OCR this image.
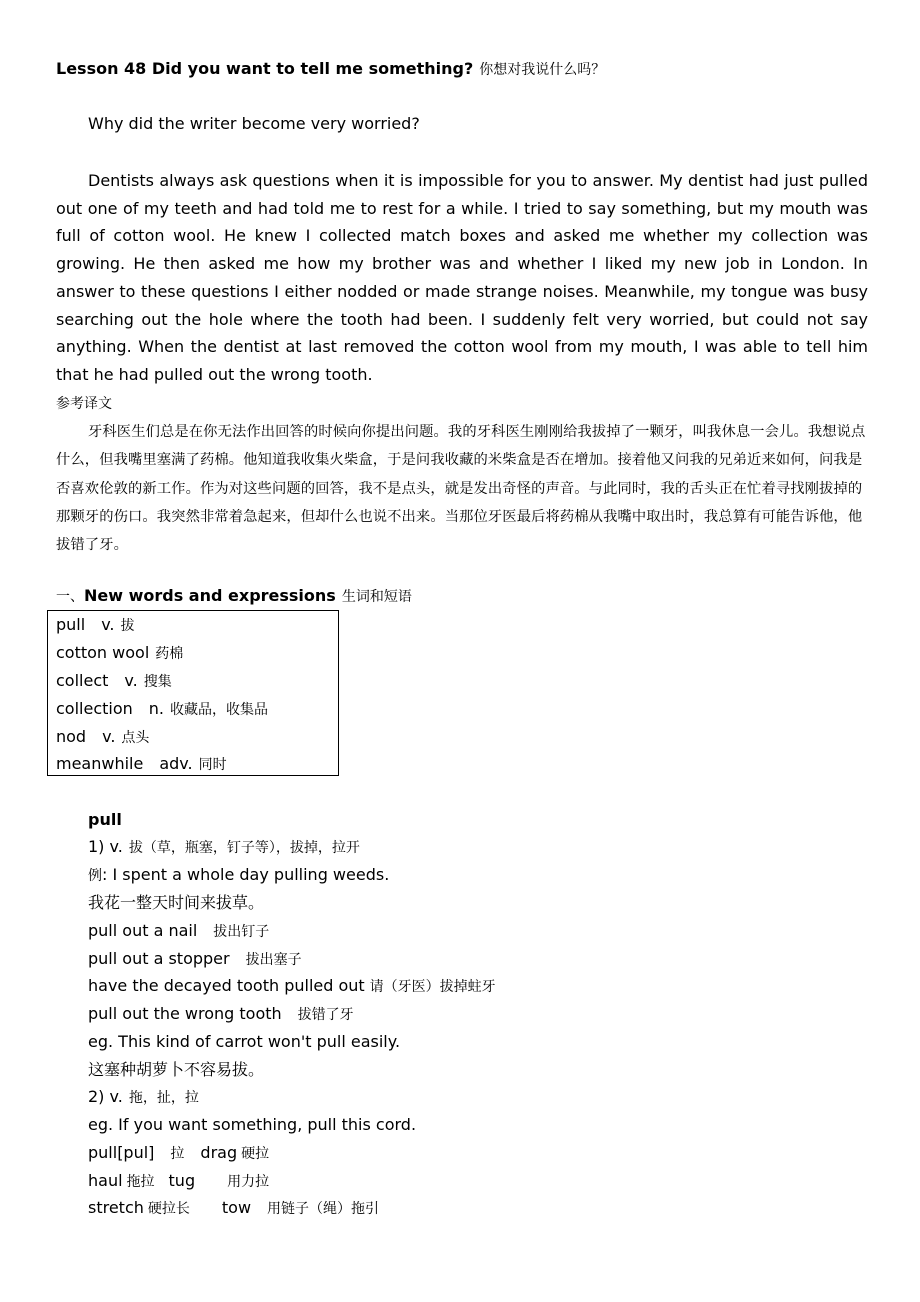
Lesson 48 Did you want to tell me something? 你想对我说什么吗？
Why did the writer become very worried?
Dentists always ask questions when it is impossible for you to answer. My dentist had just pulled out one of my teeth and had told me to rest for a while. I tried to say something, but my mouth was full of cotton wool. He knew I collected match boxes and asked me whether my collection was growing. He then asked me how my brother was and whether I liked my new job in London. In answer to these questions I either nodded or made strange noises. Meanwhile, my tongue was busy searching out the hole where the tooth had been. I suddenly felt very worried, but could not say anything. When the dentist at last removed the cotton wool from my mouth, I was able to tell him that he had pulled out the wrong tooth.
参考译文
牙科医生们总是在你无法作出回答的时候向你提出问题。我的牙科医生刚刚给我拔掉了一颗牙，叫我休息一会儿。我想说点什么，但我嘴里塞满了药棉。他知道我收集火柴盒，于是问我收藏的米柴盒是否在增加。接着他又问我的兄弟近来如何，问我是否喜欢伦敦的新工作。作为对这些问题的回答，我不是点头，就是发出奇怪的声音。与此同时，我的舌头正在忙着寻找刚拔掉的那颗牙的伤口。我突然非常着急起来，但却什么也说不出来。当那位牙医最后将药棉从我嘴中取出时，我总算有可能告诉他，他拔错了牙。
一、New words and expressions 生词和短语
pull v. 拔
cotton wool 药棉
collect v. 搜集
collection n. 收藏品，收集品
nod v. 点头
meanwhile adv. 同时
pull
1) v. 拔（草，瓶塞，钉子等），拔掉，拉开
例: I spent a whole day pulling weeds.
我花一整天时间来拔草。
pull out a nail 拔出钉子
pull out a stopper 拔出塞子
have the decayed tooth pulled out 请（牙医）拔掉蛀牙
pull out the wrong tooth 拔错了牙
eg. This kind of carrot won't pull easily.
这塞种胡萝卜不容易拔。
2) v. 拖，扯，拉
eg. If you want something, pull this cord.
pull[pul] 拉 drag 硬拉
haul 拖拉 tug 用力拉
stretch 硬拉长 tow 用链子（绳）拖引
